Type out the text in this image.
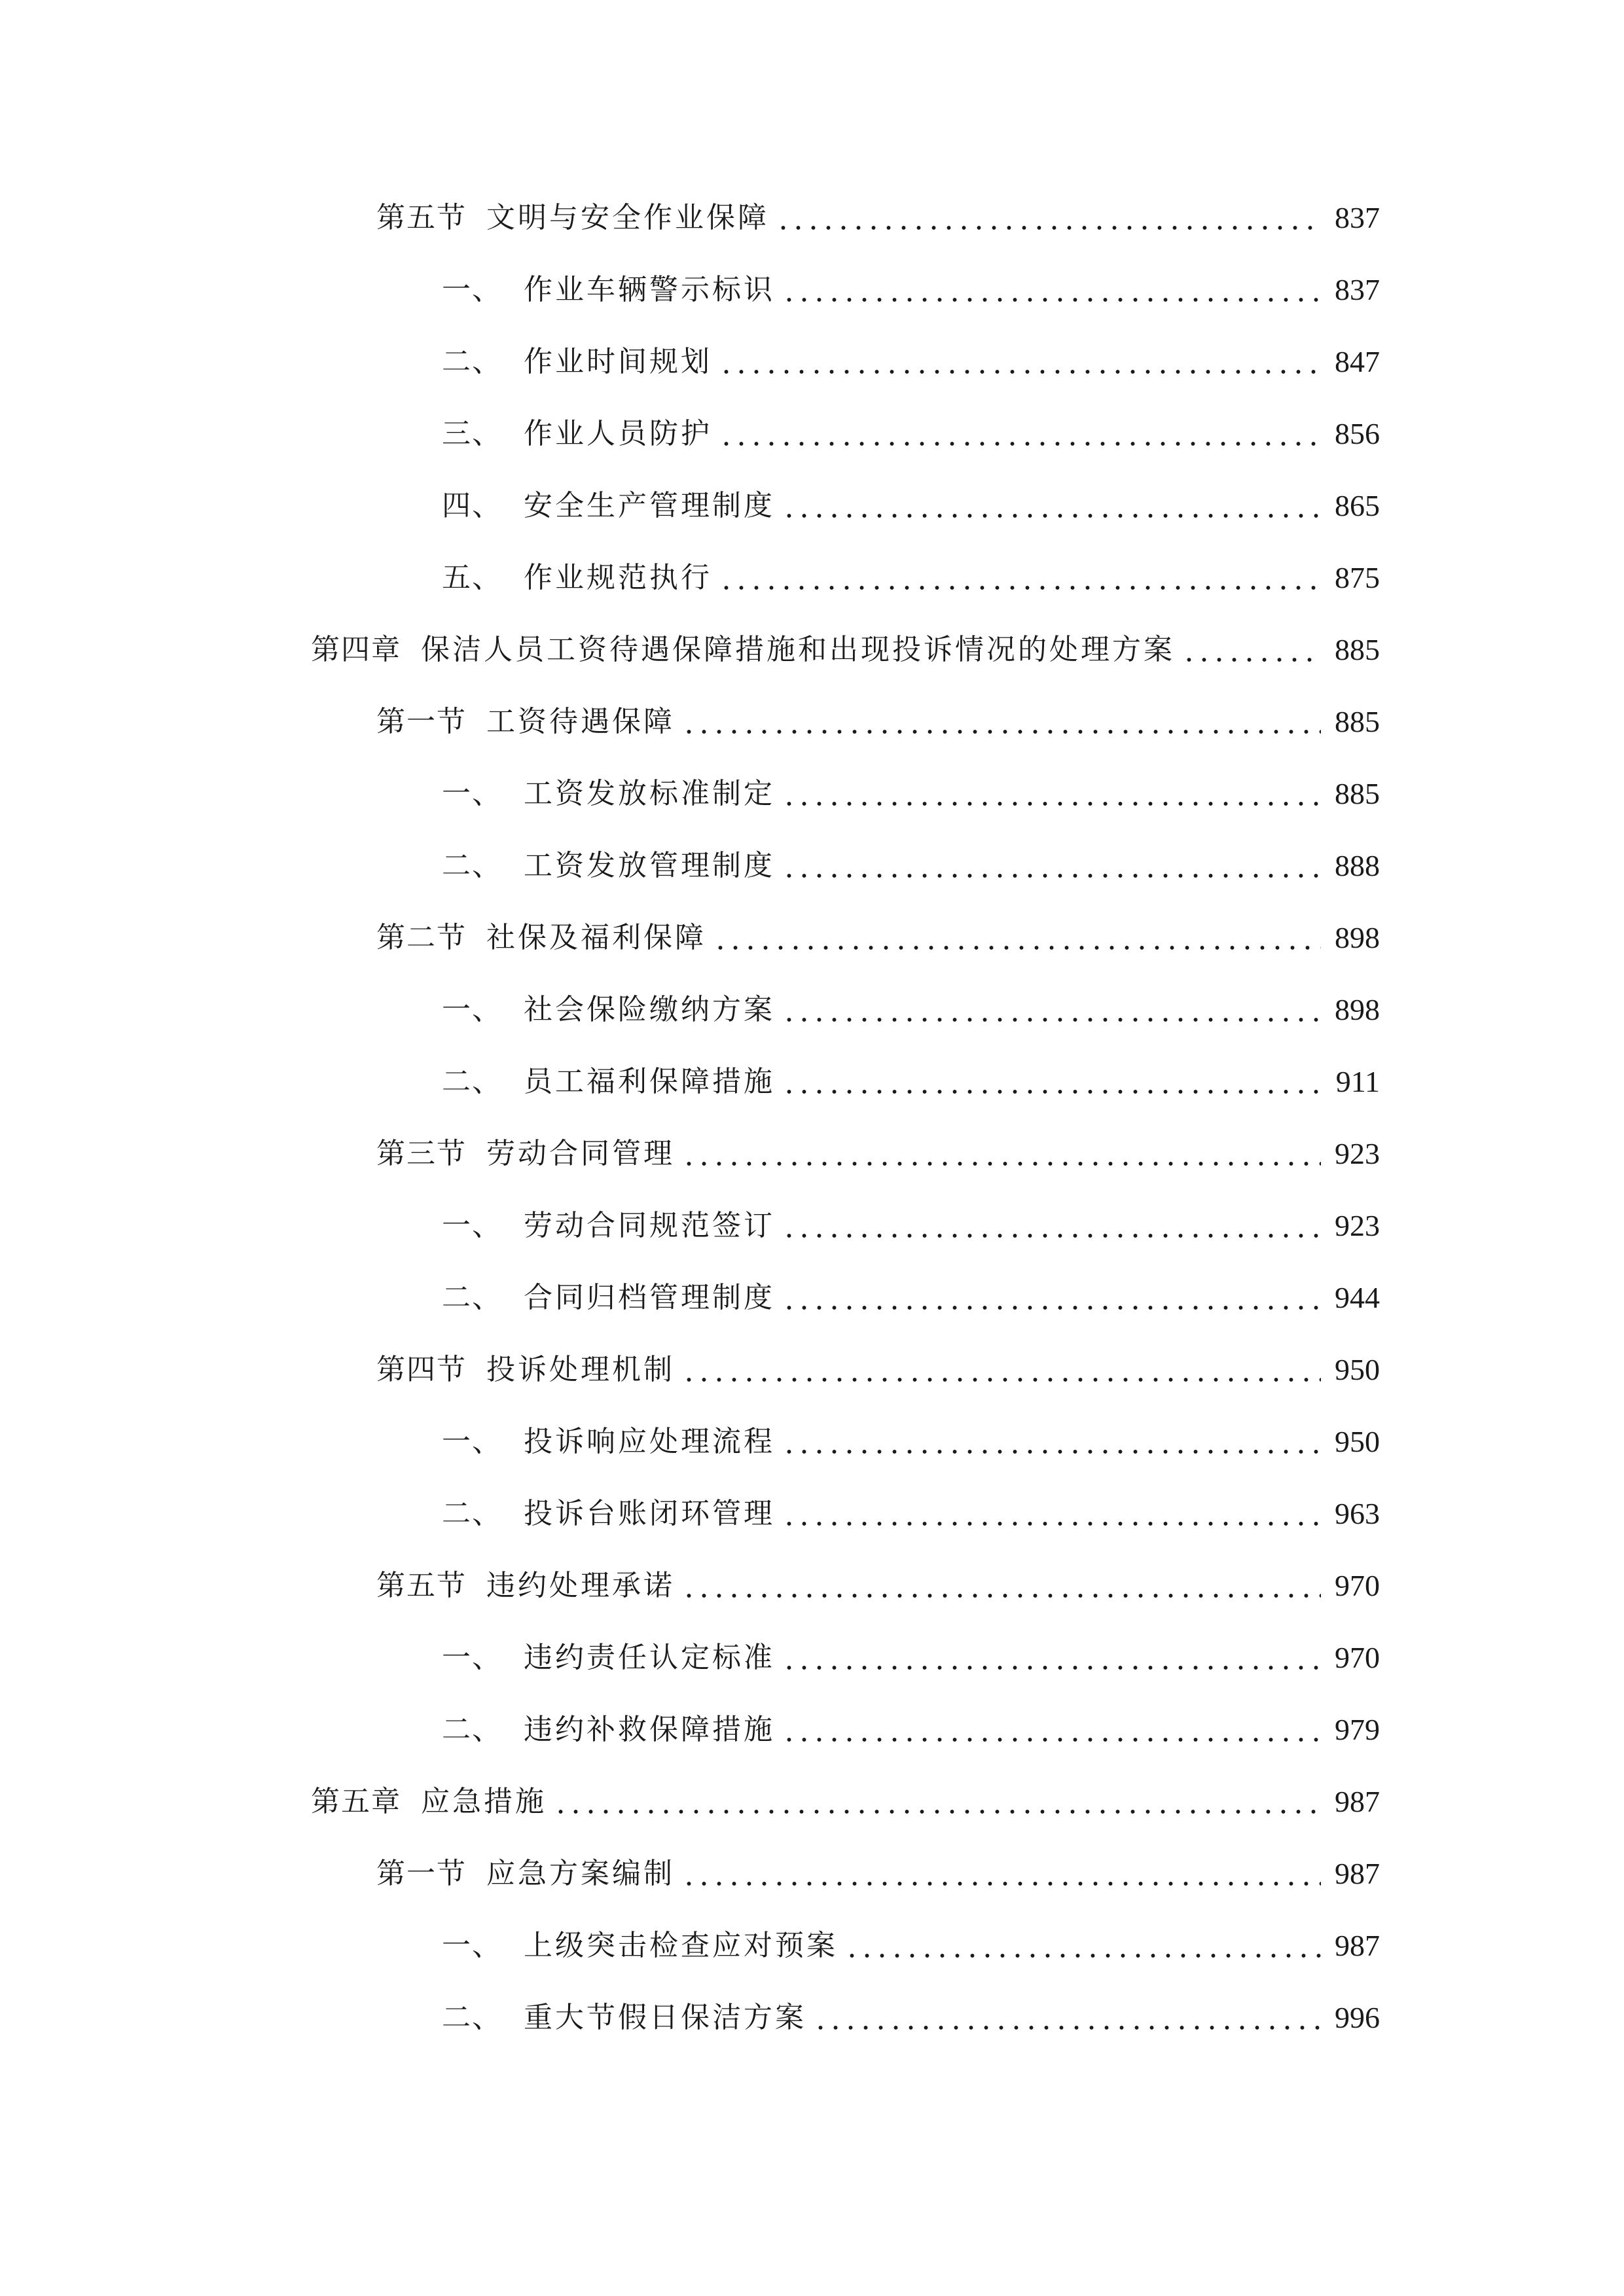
第五节 文明与安全作业保障	837
一、 作业车辆警示标识	837
二、 作业时间规划	847
三、 作业人员防护	856
四、 安全生产管理制度	865
五、 作业规范执行	875
第四章 保洁人员工资待遇保障措施和出现投诉情况的处理方案	885
第一节 工资待遇保障	885
一、 工资发放标准制定	885
二、 工资发放管理制度	888
第二节 社保及福利保障	898
一、 社会保险缴纳方案	898
二、 员工福利保障措施	911
第三节 劳动合同管理	923
一、 劳动合同规范签订	923
二、 合同归档管理制度	944
第四节 投诉处理机制	950
一、 投诉响应处理流程	950
二、 投诉台账闭环管理	963
第五节 违约处理承诺	970
一、 违约责任认定标准	970
二、 违约补救保障措施	979
第五章 应急措施	987
第一节 应急方案编制	987
一、 上级突击检查应对预案	987
二、 重大节假日保洁方案	996
